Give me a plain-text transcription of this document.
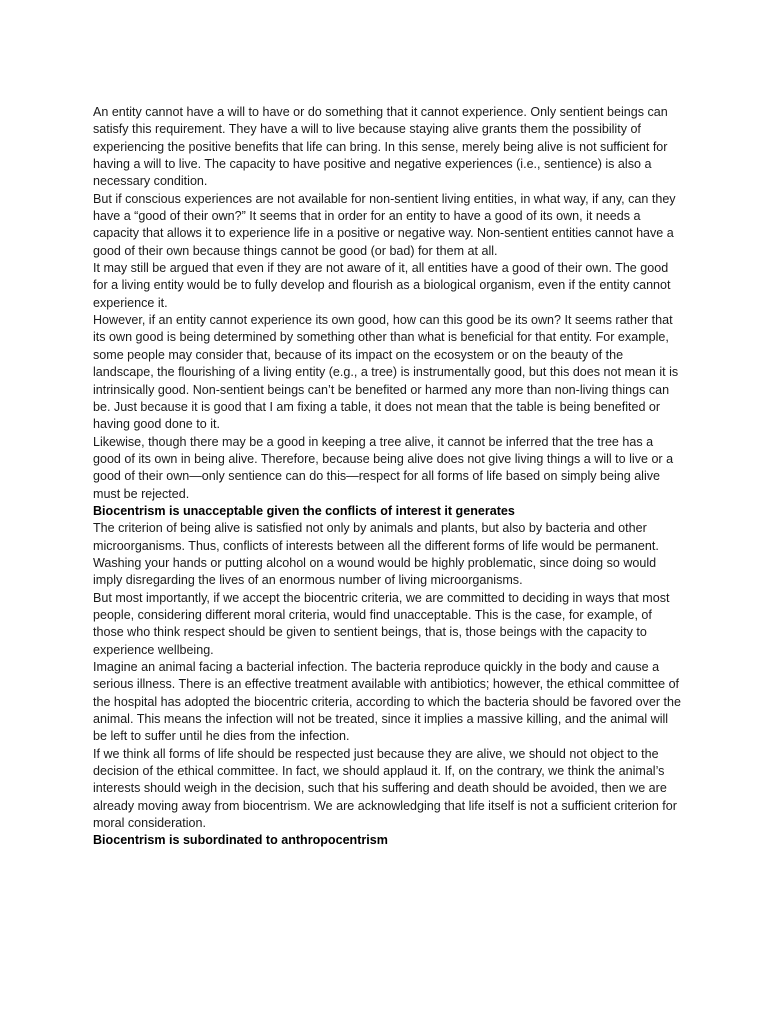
An entity cannot have a will to have or do something that it cannot experience. Only sentient beings can satisfy this requirement. They have a will to live because staying alive grants them the possibility of experiencing the positive benefits that life can bring. In this sense, merely being alive is not sufficient for having a will to live. The capacity to have positive and negative experiences (i.e., sentience) is also a necessary condition.

But if conscious experiences are not available for non-sentient living entities, in what way, if any, can they have a “good of their own?” It seems that in order for an entity to have a good of its own, it needs a capacity that allows it to experience life in a positive or negative way. Non-sentient entities cannot have a good of their own because things cannot be good (or bad) for them at all.

It may still be argued that even if they are not aware of it, all entities have a good of their own. The good for a living entity would be to fully develop and flourish as a biological organism, even if the entity cannot experience it.

However, if an entity cannot experience its own good, how can this good be its own? It seems rather that its own good is being determined by something other than what is beneficial for that entity. For example, some people may consider that, because of its impact on the ecosystem or on the beauty of the landscape, the flourishing of a living entity (e.g., a tree) is instrumentally good, but this does not mean it is intrinsically good. Non-sentient beings can’t be benefited or harmed any more than non-living things can be. Just because it is good that I am fixing a table, it does not mean that the table is being benefited or having good done to it.

Likewise, though there may be a good in keeping a tree alive, it cannot be inferred that the tree has a good of its own in being alive. Therefore, because being alive does not give living things a will to live or a good of their own—only sentience can do this—respect for all forms of life based on simply being alive must be rejected.

Biocentrism is unacceptable given the conflicts of interest it generates

The criterion of being alive is satisfied not only by animals and plants, but also by bacteria and other microorganisms. Thus, conflicts of interests between all the different forms of life would be permanent. Washing your hands or putting alcohol on a wound would be highly problematic, since doing so would imply disregarding the lives of an enormous number of living microorganisms.

But most importantly, if we accept the biocentric criteria, we are committed to deciding in ways that most people, considering different moral criteria, would find unacceptable. This is the case, for example, of those who think respect should be given to sentient beings, that is, those beings with the capacity to experience wellbeing.

Imagine an animal facing a bacterial infection. The bacteria reproduce quickly in the body and cause a serious illness. There is an effective treatment available with antibiotics; however, the ethical committee of the hospital has adopted the biocentric criteria, according to which the bacteria should be favored over the animal. This means the infection will not be treated, since it implies a massive killing, and the animal will be left to suffer until he dies from the infection.

If we think all forms of life should be respected just because they are alive, we should not object to the decision of the ethical committee. In fact, we should applaud it. If, on the contrary, we think the animal’s interests should weigh in the decision, such that his suffering and death should be avoided, then we are already moving away from biocentrism. We are acknowledging that life itself is not a sufficient criterion for moral consideration.

Biocentrism is subordinated to anthropocentrism
